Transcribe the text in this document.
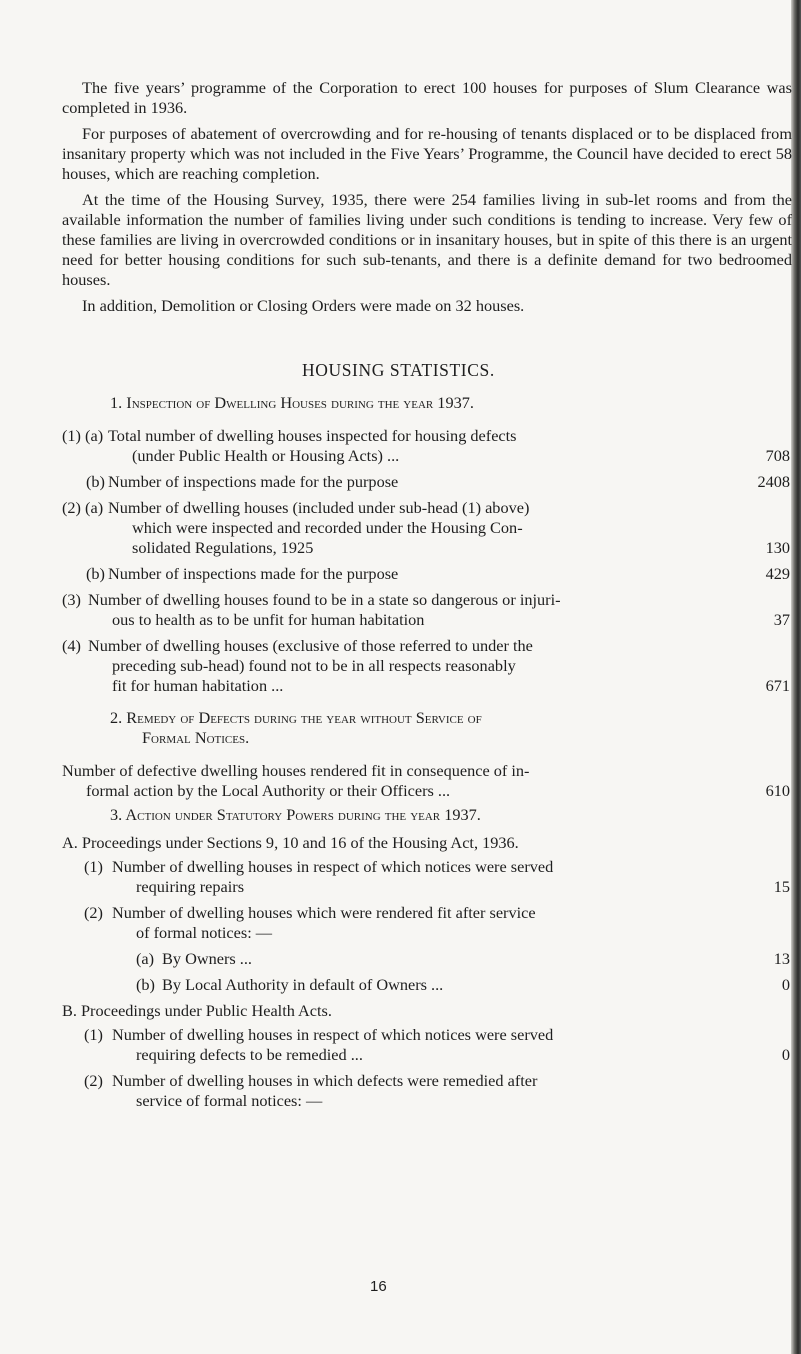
The five years’ programme of the Corporation to erect 100 houses for purposes of Slum Clearance was completed in 1936.

For purposes of abatement of overcrowding and for re-housing of tenants displaced or to be displaced from insanitary property which was not included in the Five Years’ Programme, the Council have decided to erect 58 houses, which are reaching completion.

At the time of the Housing Survey, 1935, there were 254 families living in sub-let rooms and from the available information the number of families living under such conditions is tending to increase. Very few of these families are living in overcrowded conditions or in insanitary houses, but in spite of this there is an urgent need for better housing conditions for such sub-tenants, and there is a definite demand for two bedroomed houses.

In addition, Demolition or Closing Orders were made on 32 houses.

HOUSING STATISTICS.
1. Inspection of Dwelling Houses during the year 1937.
(1) (a) Total number of dwelling houses inspected for housing defects
(under Public Health or Housing Acts) ...	708
(b) Number of inspections made for the purpose	2408
(2) (a) Number of dwelling houses (included under sub-head (1) above)
which were inspected and recorded under the Housing Con-
solidated Regulations, 1925	130
(b) Number of inspections made for the purpose	429
(3) Number of dwelling houses found to be in a state so dangerous or injuri-
ous to health as to be unfit for human habitation	37
(4) Number of dwelling houses (exclusive of those referred to under the
preceding sub-head) found not to be in all respects reasonably
fit for human habitation ...	671
2. Remedy of Defects during the year without Service of
Formal Notices.
Number of defective dwelling houses rendered fit in consequence of in-
formal action by the Local Authority or their Officers ...	610
3. Action under Statutory Powers during the year 1937.
A. Proceedings under Sections 9, 10 and 16 of the Housing Act, 1936.
(1) Number of dwelling houses in respect of which notices were served
requiring repairs	15
(2) Number of dwelling houses which were rendered fit after service
of formal notices: —
(a) By Owners ...	13
(b) By Local Authority in default of Owners ...	0
B. Proceedings under Public Health Acts.
(1) Number of dwelling houses in respect of which notices were served
requiring defects to be remedied ...	0
(2) Number of dwelling houses in which defects were remedied after
service of formal notices: —
16
